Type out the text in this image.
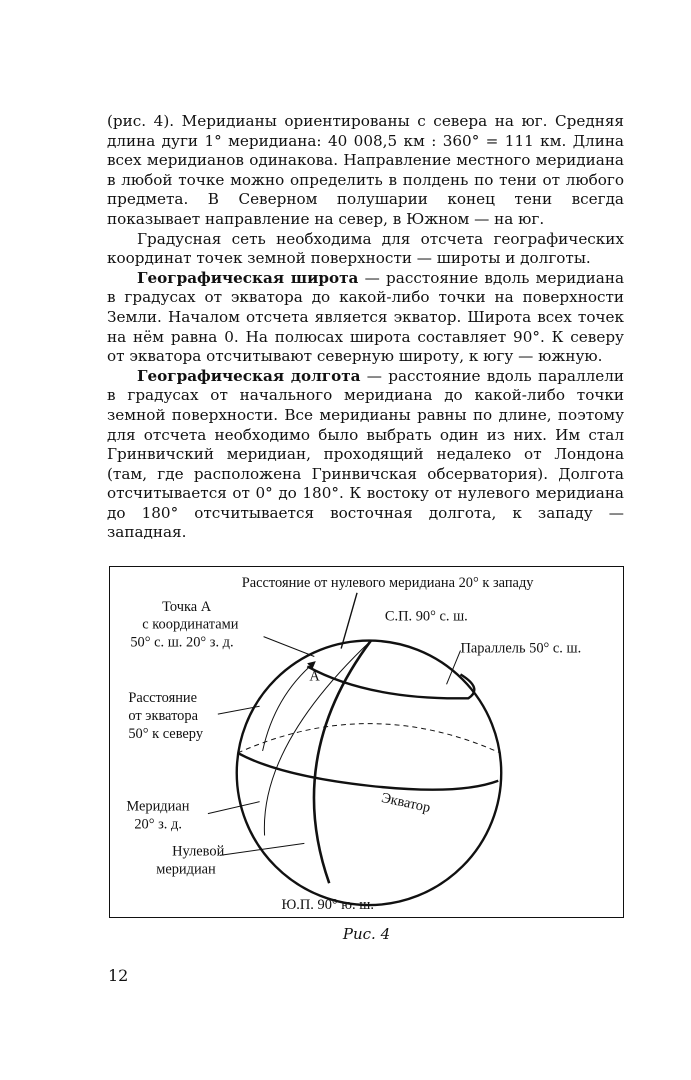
(рис. 4). Меридианы ориентированы с севера на юг. Средняя длина дуги 1° меридиана: 40 008,5 км : 360° = 111 км. Длина всех меридианов одинакова. Направление местного меридиана в любой точке можно определить в полдень по тени от любого предмета. В Северном полушарии конец тени всегда показывает направление на север, в Южном — на юг.

Градусная сеть необходима для отсчета географических координат точек земной поверхности — широты и долготы.

Географическая широта — расстояние вдоль меридиана в градусах от экватора до какой-либо точки на поверхности Земли. Началом отсчета является экватор. Широта всех точек на нём равна 0. На полюсах широта составляет 90°. К северу от экватора отсчитывают северную широту, к югу — южную.

Географическая долгота — расстояние вдоль параллели в градусах от начального меридиана до какой-либо точки земной поверхности. Все меридианы равны по длине, поэтому для отсчета необходимо было выбрать один из них. Им стал Гринвичский меридиан, проходящий недалеко от Лондона (там, где расположена Гринвичская обсерватория). Долгота отсчитывается от 0° до 180°. К востоку от нулевого меридиана до 180° отсчитывается восточная долгота, к западу — западная.

Расстояние от нулевого меридиана 20° к западу
Точка А
с координатами
50° с. ш. 20° з. д.
А
С.П. 90° с. ш.
Параллель 50° с. ш.
Расстояние
от экватора
50° к северу
Экватор
Меридиан
20° з. д.
Нулевой
меридиан
Ю.П. 90° ю. ш.
Рис. 4
12
